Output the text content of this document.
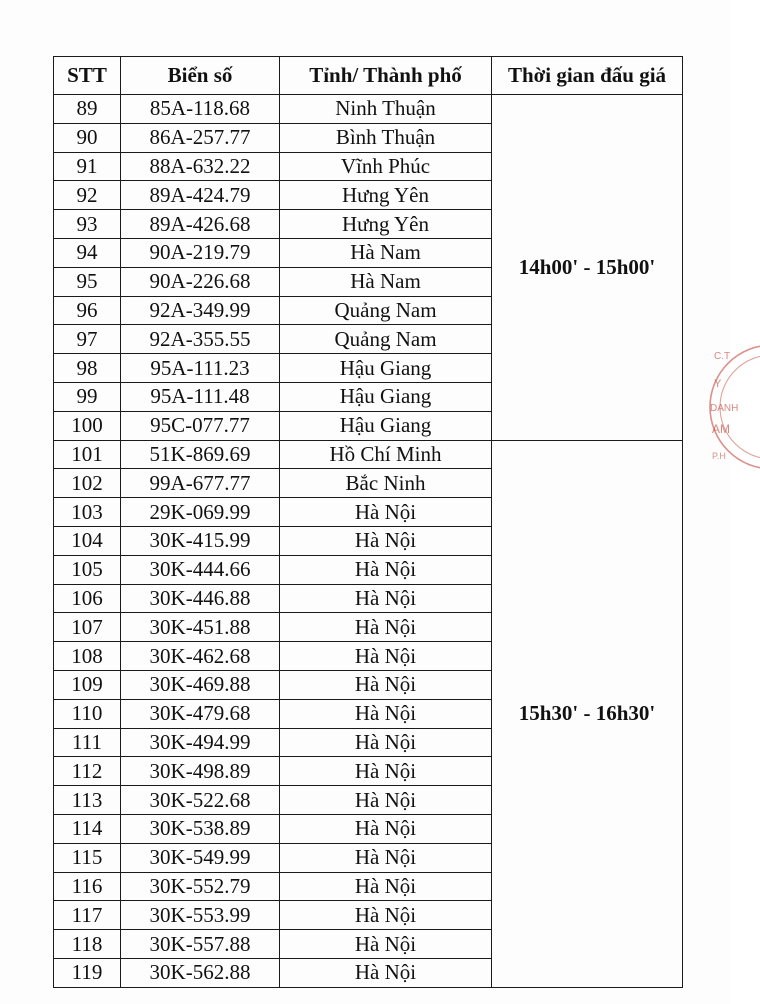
STT	Biển số	Tỉnh/ Thành phố	Thời gian đấu giá
89	85A-118.68	Ninh Thuận	14h00' - 15h00'
90	86A-257.77	Bình Thuận	
91	88A-632.22	Vĩnh Phúc	
92	89A-424.79	Hưng Yên	
93	89A-426.68	Hưng Yên	
94	90A-219.79	Hà Nam	
95	90A-226.68	Hà Nam	
96	92A-349.99	Quảng Nam	
97	92A-355.55	Quảng Nam	
98	95A-111.23	Hậu Giang	
99	95A-111.48	Hậu Giang	
100	95C-077.77	Hậu Giang	
101	51K-869.69	Hồ Chí Minh	15h30' - 16h30'
102	99A-677.77	Bắc Ninh	
103	29K-069.99	Hà Nội	
104	30K-415.99	Hà Nội	
105	30K-444.66	Hà Nội	
106	30K-446.88	Hà Nội	
107	30K-451.88	Hà Nội	
108	30K-462.68	Hà Nội	
109	30K-469.88	Hà Nội	
110	30K-479.68	Hà Nội	
111	30K-494.99	Hà Nội	
112	30K-498.89	Hà Nội	
113	30K-522.68	Hà Nội	
114	30K-538.89	Hà Nội	
115	30K-549.99	Hà Nội	
116	30K-552.79	Hà Nội	
117	30K-553.99	Hà Nội	
118	30K-557.88	Hà Nội	
119	30K-562.88	Hà Nội	
C.T
Y
DANH
AM
P.H
